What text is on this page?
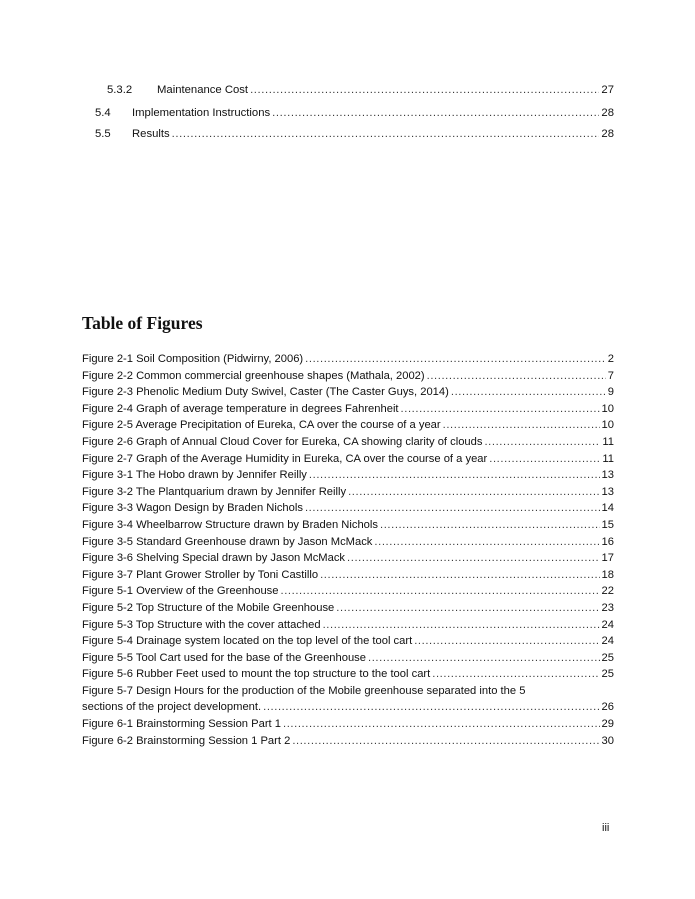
5.3.2	Maintenance Cost .....	27
5.4	Implementation Instructions .....	28
5.5	Results .....	28
Table of Figures
Figure 2-1 Soil Composition (Pidwirny, 2006) .....	2
Figure 2-2 Common commercial greenhouse shapes (Mathala, 2002) .....	7
Figure 2-3 Phenolic Medium Duty Swivel, Caster (The Caster Guys, 2014) .....	9
Figure 2-4 Graph of average temperature in degrees Fahrenheit .....	10
Figure 2-5 Average Precipitation of Eureka, CA over the course of a year .....	10
Figure 2-6 Graph of Annual Cloud Cover for Eureka, CA showing clarity of clouds .....	11
Figure 2-7 Graph of the Average Humidity in Eureka, CA over the course of a year .....	11
Figure 3-1 The Hobo drawn by Jennifer Reilly .....	13
Figure 3-2 The Plantquarium drawn by Jennifer Reilly .....	13
Figure 3-3 Wagon Design by Braden Nichols .....	14
Figure 3-4 Wheelbarrow Structure drawn by Braden Nichols .....	15
Figure 3-5 Standard Greenhouse drawn by Jason McMack .....	16
Figure 3-6 Shelving Special drawn by Jason McMack .....	17
Figure 3-7 Plant Grower Stroller by Toni Castillo .....	18
Figure 5-1 Overview of the Greenhouse .....	22
Figure 5-2 Top Structure of the Mobile Greenhouse .....	23
Figure 5-3 Top Structure with the cover attached .....	24
Figure 5-4 Drainage system located on the top level of the tool cart .....	24
Figure 5-5 Tool Cart used for the base of the Greenhouse .....	25
Figure 5-6 Rubber Feet used to mount the top structure to the tool cart .....	25
Figure 5-7 Design Hours for the production of the Mobile greenhouse separated into the 5
sections of the project development. .....	26
Figure 6-1 Brainstorming Session Part 1 .....	29
Figure 6-2 Brainstorming Session 1 Part 2 .....	30
iii
